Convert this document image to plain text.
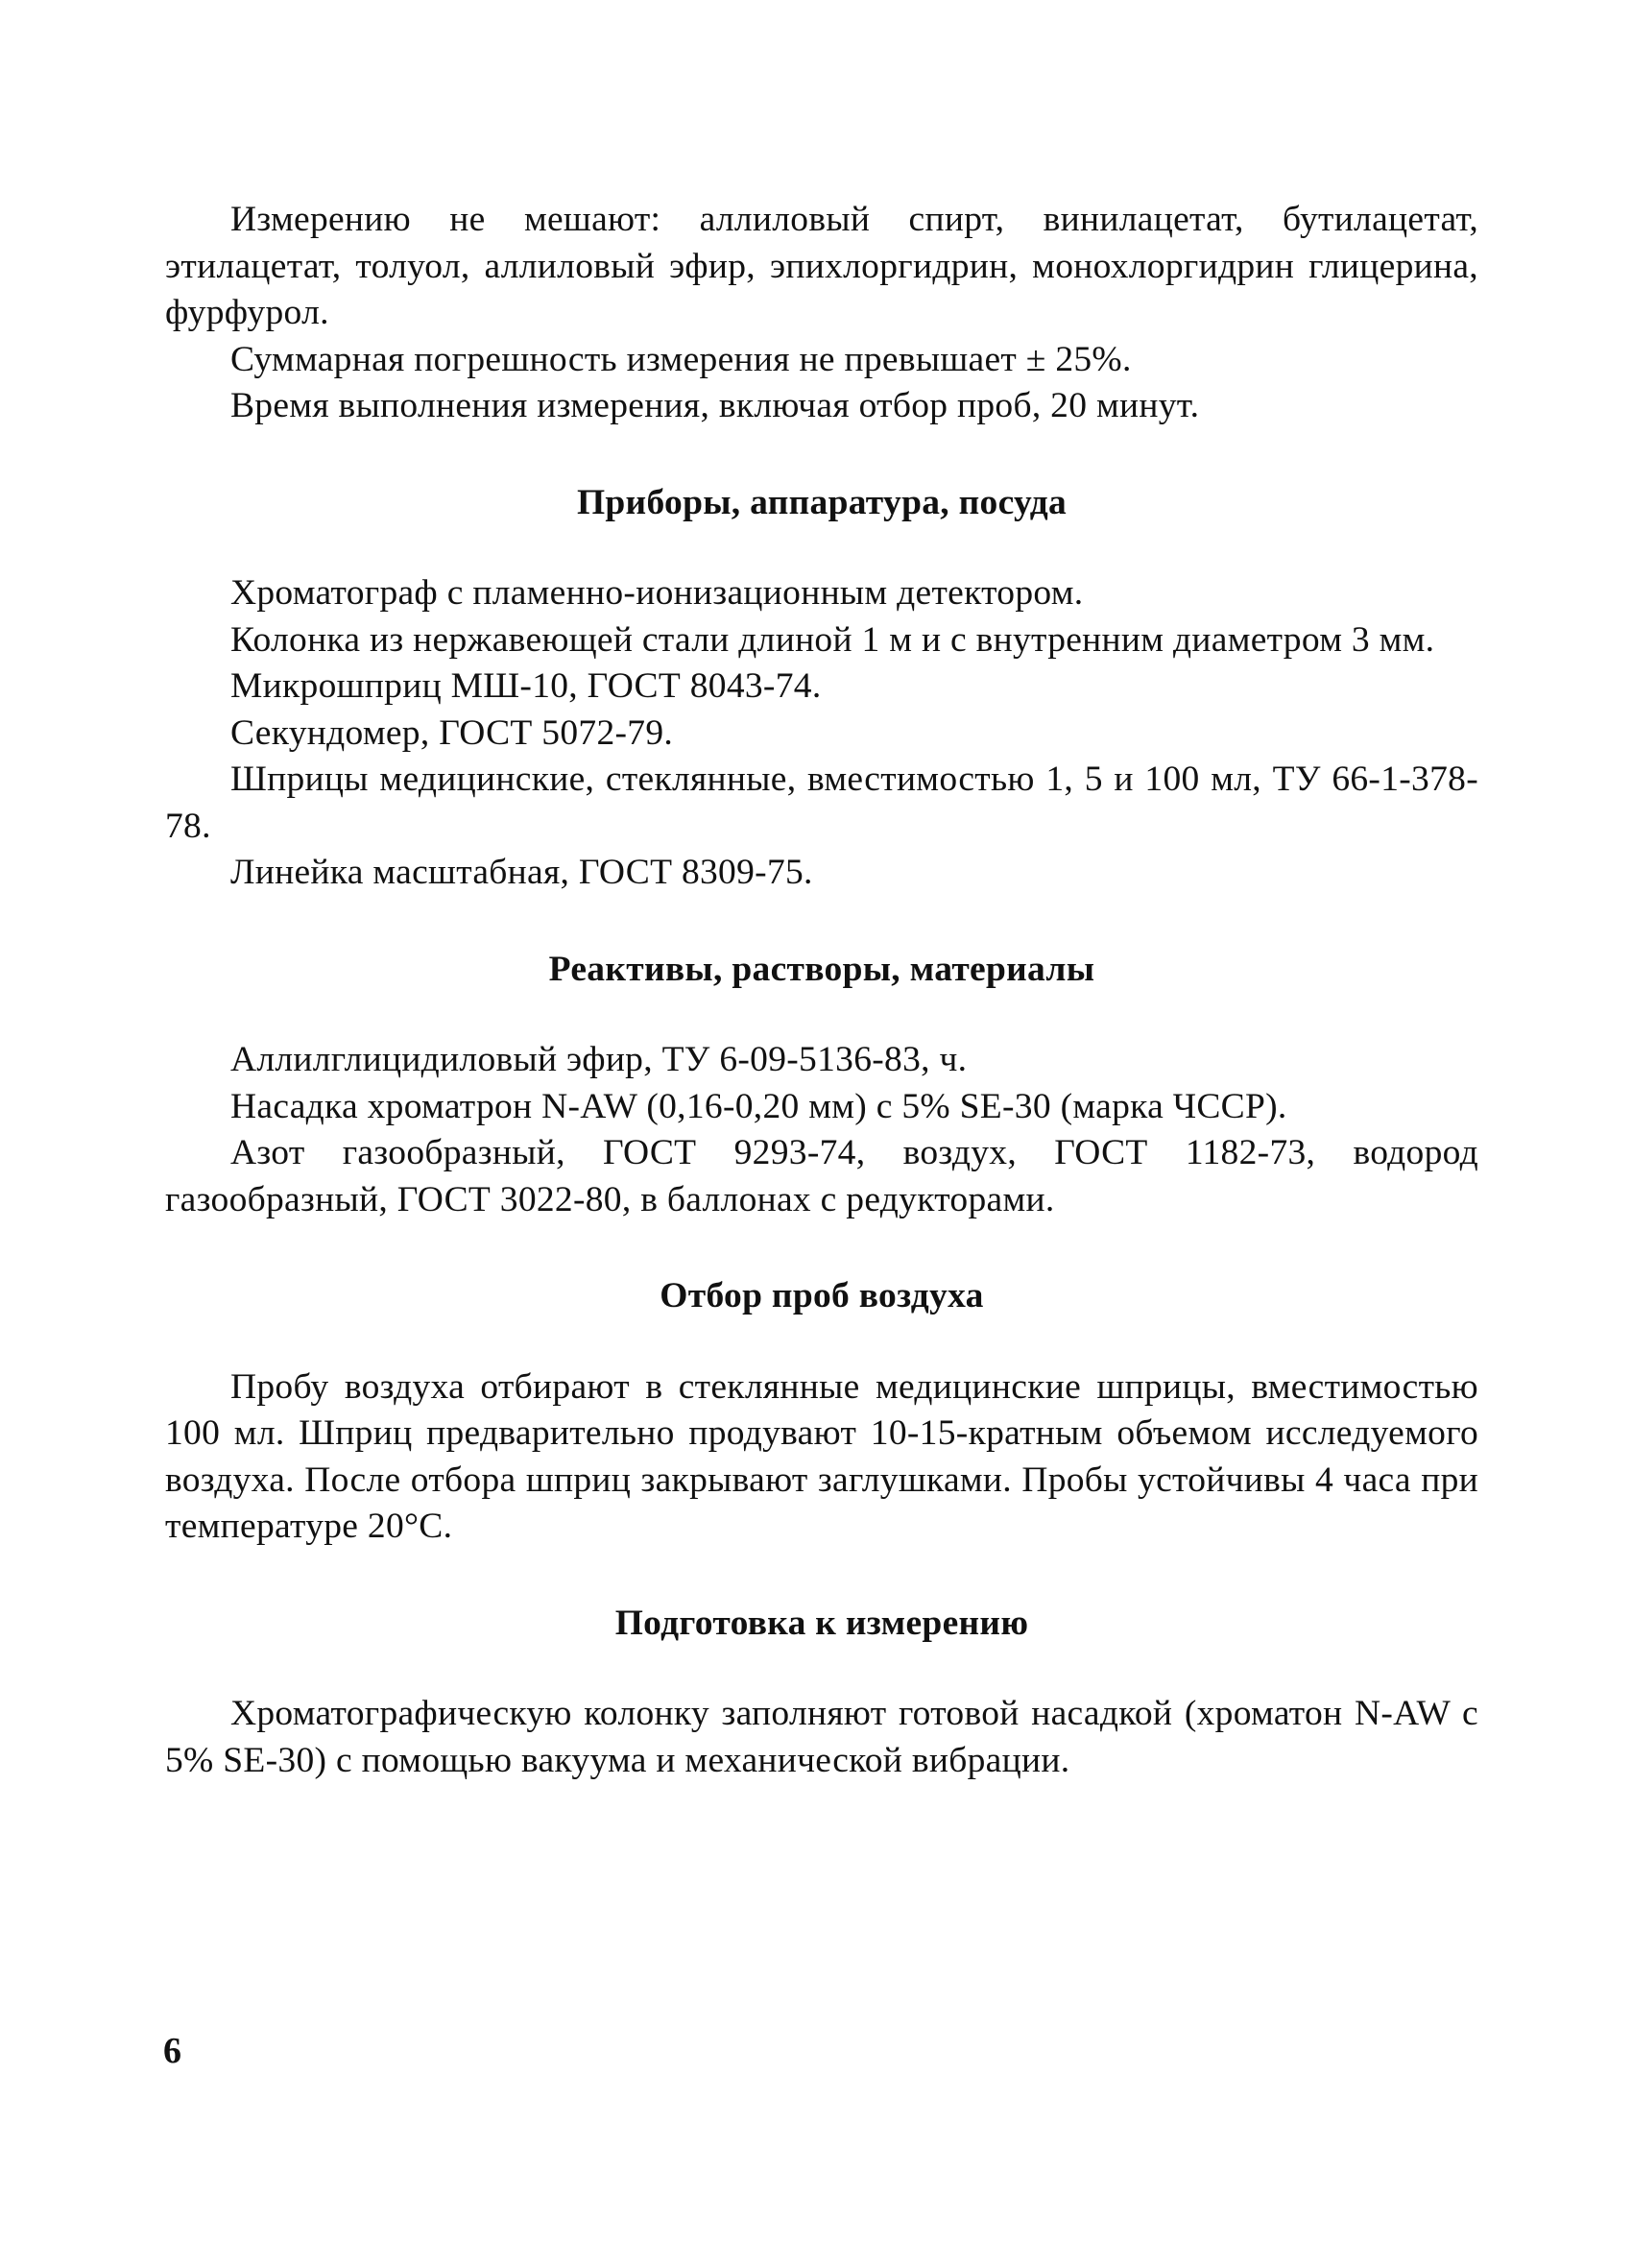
Измерению не мешают: аллиловый спирт, винилацетат, бутилацетат, этилацетат, толуол, аллиловый эфир, эпихлоргидрин, монохлоргидрин глицерина, фурфурол.

Суммарная погрешность измерения не превышает ± 25%.

Время выполнения измерения, включая отбор проб, 20 минут.

Приборы, аппаратура, посуда

Хроматограф с пламенно-ионизационным детектором.

Колонка из нержавеющей стали длиной 1 м и с внутренним диаметром 3 мм.

Микрошприц МШ-10, ГОСТ 8043-74.

Секундомер, ГОСТ 5072-79.

Шприцы медицинские, стеклянные, вместимостью 1, 5 и 100 мл, ТУ 66-1-378-78.

Линейка масштабная, ГОСТ 8309-75.

Реактивы, растворы, материалы

Аллилглицидиловый эфир, ТУ 6-09-5136-83, ч.

Насадка хроматрон N-AW (0,16-0,20 мм) с 5% SE-30 (марка ЧССР).

Азот газообразный, ГОСТ 9293-74, воздух, ГОСТ 1182-73, водород газообразный, ГОСТ 3022-80, в баллонах с редукторами.

Отбор проб воздуха

Пробу воздуха отбирают в стеклянные медицинские шприцы, вместимостью 100 мл. Шприц предварительно продувают 10-15-кратным объемом исследуемого воздуха. После отбора шприц закрывают заглушками. Пробы устойчивы 4 часа при температуре 20°С.

Подготовка к измерению

Хроматографическую колонку заполняют готовой насадкой (хроматон N-AW с 5% SE-30) с помощью вакуума и механической вибрации.

6
